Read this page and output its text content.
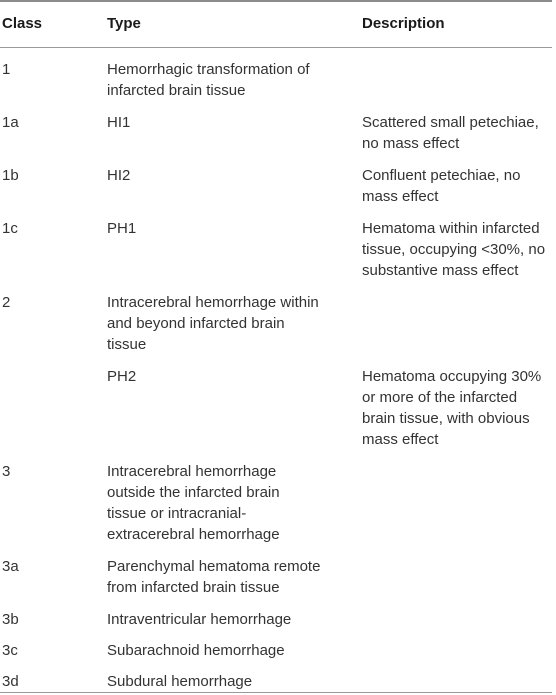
Class	Type	Description
1	Hemorrhagic transformation of infarcted brain tissue	
1a	HI1	Scattered small petechiae, no mass effect
1b	HI2	Confluent petechiae, no mass effect
1c	PH1	Hematoma within infarcted tissue, occupying <30%, no substantive mass effect
2	Intracerebral hemorrhage within and beyond infarcted brain tissue	
	PH2	Hematoma occupying 30% or more of the infarcted brain tissue, with obvious mass effect
3	Intracerebral hemorrhage outside the infarcted brain tissue or intracranial-extracerebral hemorrhage	
3a	Parenchymal hematoma remote from infarcted brain tissue	
3b	Intraventricular hemorrhage	
3c	Subarachnoid hemorrhage	
3d	Subdural hemorrhage	
